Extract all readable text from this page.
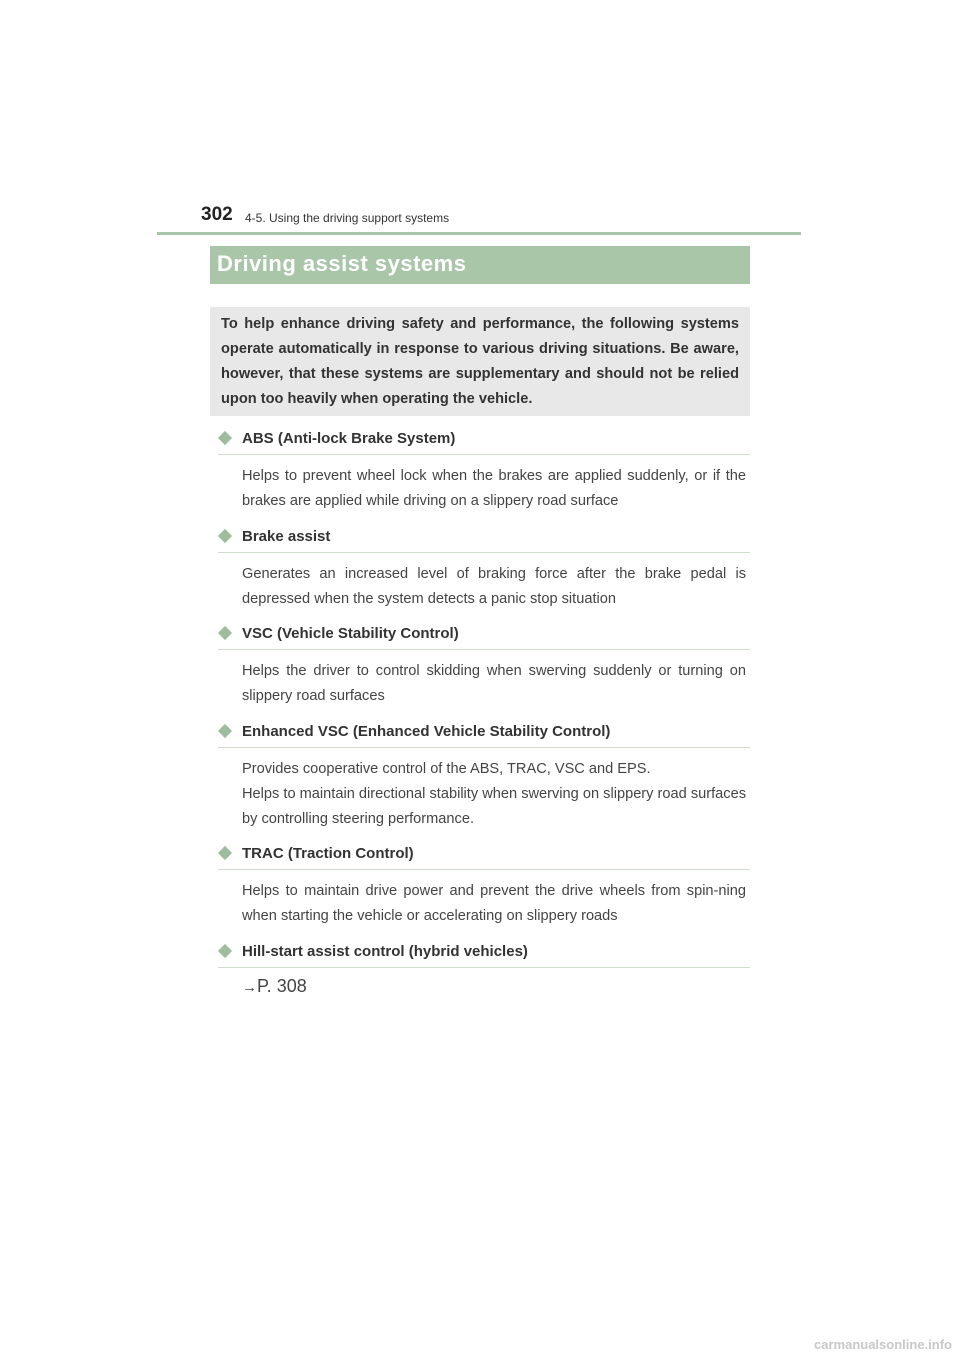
302 4-5. Using the driving support systems
Driving assist systems

To help enhance driving safety and performance, the following systems operate automatically in response to various driving situations. Be aware, however, that these systems are supplementary and should not be relied upon too heavily when operating the vehicle.

ABS (Anti-lock Brake System)

Helps to prevent wheel lock when the brakes are applied suddenly, or if the brakes are applied while driving on a slippery road surface

Brake assist

Generates an increased level of braking force after the brake pedal is depressed when the system detects a panic stop situation

VSC (Vehicle Stability Control)

Helps the driver to control skidding when swerving suddenly or turning on slippery road surfaces

Enhanced VSC (Enhanced Vehicle Stability Control)

Provides cooperative control of the ABS, TRAC, VSC and EPS.

Helps to maintain directional stability when swerving on slippery road surfaces by controlling steering performance.

TRAC (Traction Control)

Helps to maintain drive power and prevent the drive wheels from spin-ning when starting the vehicle or accelerating on slippery roads

Hill-start assist control (hybrid vehicles)
→P. 308
carmanualsonline.info
